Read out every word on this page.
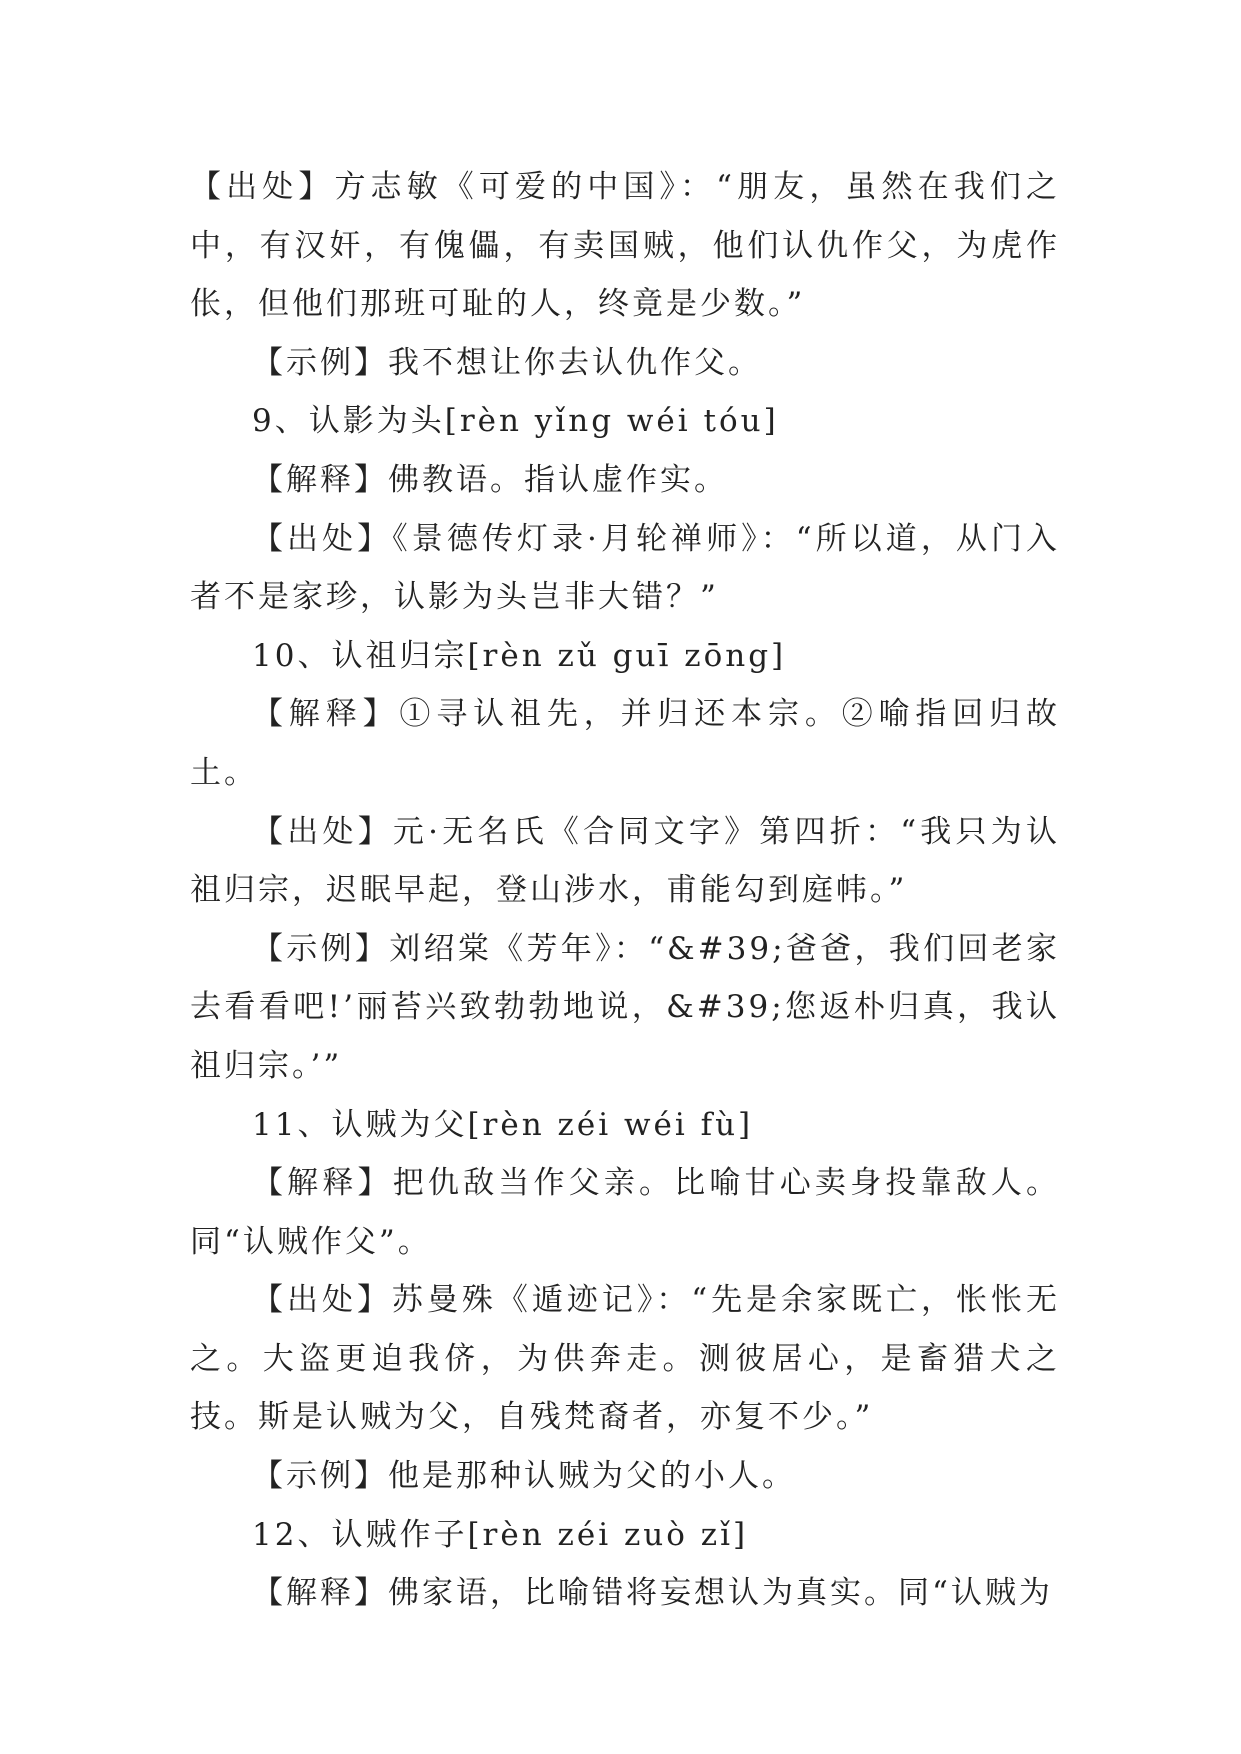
【出处】方志敏《可爱的中国》：“朋友，虽然在我们之中，有汉奸，有傀儡，有卖国贼，他们认仇作父，为虎作伥，但他们那班可耻的人，终竟是少数。”

【示例】我不想让你去认仇作父。

9、认影为头[rèn yǐng wéi tóu]

【解释】佛教语。指认虚作实。

【出处】《景德传灯录·月轮禅师》：“所以道，从门入者不是家珍，认影为头岂非大错？”

10、认祖归宗[rèn zǔ guī zōng]

【解释】①寻认祖先，并归还本宗。②喻指回归故土。

【出处】元·无名氏《合同文字》第四折：“我只为认祖归宗，迟眠早起，登山涉水，甫能勾到庭帏。”

【示例】刘绍棠《芳年》：“&#39;爸爸，我们回老家去看看吧!’丽苔兴致勃勃地说，&#39;您返朴归真，我认祖归宗。’”

11、认贼为父[rèn zéi wéi fù]

【解释】把仇敌当作父亲。比喻甘心卖身投靠敌人。同“认贼作父”。

【出处】苏曼殊《遁迹记》：“先是余家既亡，怅怅无之。大盗更迫我侪，为供奔走。测彼居心，是畜猎犬之技。斯是认贼为父，自残梵裔者，亦复不少。”

【示例】他是那种认贼为父的小人。

12、认贼作子[rèn zéi zuò zǐ]

【解释】佛家语，比喻错将妄想认为真实。同“认贼为
